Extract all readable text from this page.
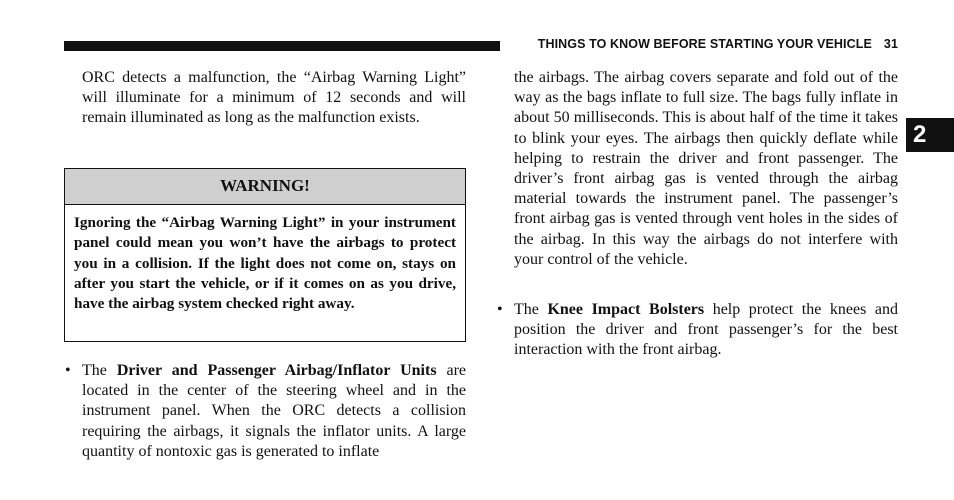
THINGS TO KNOW BEFORE STARTING YOUR VEHICLE 31
2

ORC detects a malfunction, the “Airbag Warning Light” will illuminate for a minimum of 12 seconds and will remain illuminated as long as the malfunction exists.

WARNING!
Ignoring the “Airbag Warning Light” in your instrument panel could mean you won’t have the airbags to protect you in a collision. If the light does not come on, stays on after you start the vehicle, or if it comes on as you drive, have the airbag system checked right away.
• The Driver and Passenger Airbag/Inflator Units are located in the center of the steering wheel and in the instrument panel. When the ORC detects a collision requiring the airbags, it signals the inflator units. A large quantity of nontoxic gas is generated to inflate

the airbags. The airbag covers separate and fold out of the way as the bags inflate to full size. The bags fully inflate in about 50 milliseconds. This is about half of the time it takes to blink your eyes. The airbags then quickly deflate while helping to restrain the driver and front passenger. The driver’s front airbag gas is vented through the airbag material towards the instrument panel. The passenger’s front airbag gas is vented through vent holes in the sides of the airbag. In this way the airbags do not interfere with your control of the vehicle.

• The Knee Impact Bolsters help protect the knees and position the driver and front passenger’s for the best interaction with the front airbag.
